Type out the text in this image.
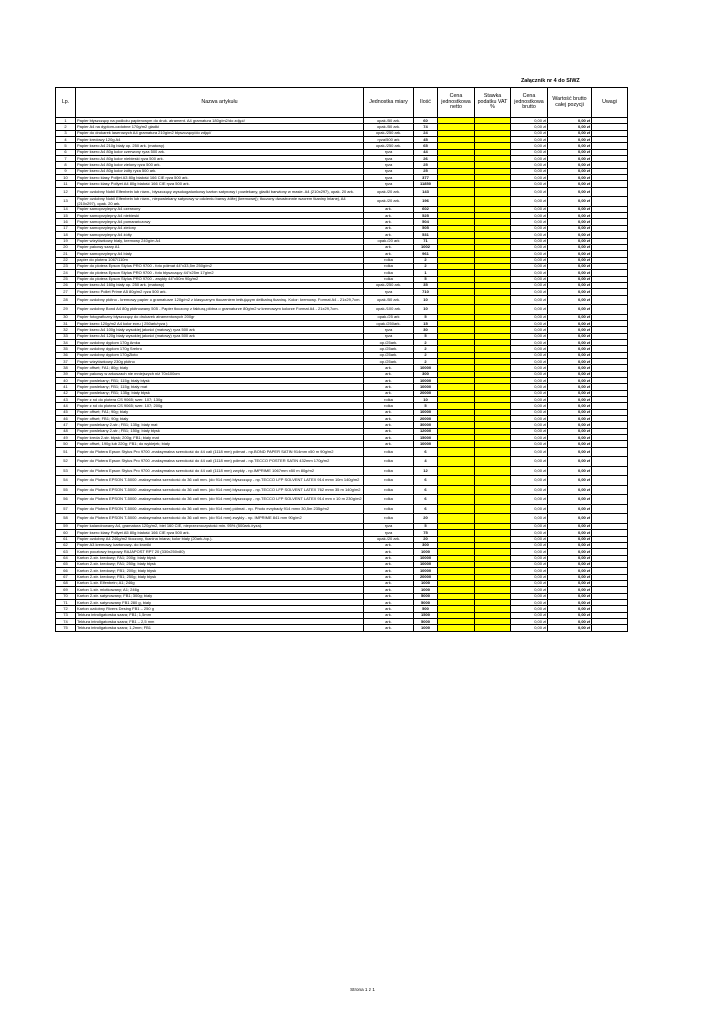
Załącznik nr 4 do SIWZ
Lp.	Nazwa artykułu	Jednostka miary	Ilość	Cena jednostkowa netto	Stawka podatku VAT %	Cena jednostkowa brutto	Wartość brutto całej pozycji	Uwagi
1	Papier błyszczący na podłożu papierowym do druk. atrament. A4 gramatura 180g/m2/do zdjęć/	opak./50 ark.	60			0,00 zł	0,00 zł	
2	Papier A4 na dyplom-ozdobne 170g/m2 gładki	opak./50 ark.	74			0,00 zł	0,00 zł	
3	Papier do drukarek laserowych A4 gramatura 210g/m2 błyszczący/do zdjęć/	opak./250 ark.	24			0,00 zł	0,00 zł	
4	Papier kredowy 120g A4	ryza/500 ark	45			0,00 zł	0,00 zł	
5	Papier ksero A4 210g biały op. 250 ark. (matowy)	opak./250 ark.	65			0,00 zł	0,00 zł	
6	Papier ksero A4 80g kolor czerwony ryza 500 ark.	ryza	44			0,00 zł	0,00 zł	
7	Papier ksero A4 80g kolor niebieski ryza 500 ark.	ryza	26			0,00 zł	0,00 zł	
8	Papier ksero A4 80g kolor zielony ryza 500 ark.	ryza	25			0,00 zł	0,00 zł	
9	Papier ksero A4 80g kolor żółty ryza 500 ark.	ryza	25			0,00 zł	0,00 zł	
10	Papier ksero klasy Polljet A3 80g białość 166 CIE ryza 500 ark.	ryza	377			0,00 zł	0,00 zł	
11	Papier ksero klasy Pollyet A4 80g białość 166 CIE ryza 500 ark.	ryza	11850			0,00 zł	0,00 zł	
12	Papier ozdobny Nobil Elfenbein lub równ., błyszczący wysokogatunkowy karton satynowy i powlekany, gładki barwiony w masie. A4 (210x297), opak. 20 ark.	opak./20 ark.	143			0,00 zł	0,00 zł	
13	Papier ozdobny Nobil Elfenbein lub równ., niepowlekany satynowy w odcieniu barwy żółtej (kremowej); tłoczony dwustronnie wzorem tkaniny lnianej, A4 (210x297), opak. 20 ark.	opak./20 ark.	196			0,00 zł	0,00 zł	
14	Papier samoprzylepny A4 czerwony	ark.	602			0,00 zł	0,00 zł	
15	Papier samoprzylepny A4 niebieski	ark.	525			0,00 zł	0,00 zł	
16	Papier samoprzylepny A4 pomarańczowy	ark.	504			0,00 zł	0,00 zł	
17	Papier samoprzylepny A4 zielony	ark.	505			0,00 zł	0,00 zł	
18	Papier samoprzylepny A4 żółty	ark.	531			0,00 zł	0,00 zł	
19	Papier wizytówkowy biały, kremowy 240g/m A4	opak./20 ark	71			0,00 zł	0,00 zł	
20	Papier pakowy szary A1	ark.	1002			0,00 zł	0,00 zł	
21	Papier samoprzylepny A4 biały	ark.	961			0,00 zł	0,00 zł	
22	papier do plotera 1067/110m	rolka	2			0,00 zł	0,00 zł	
23	Papier do plotera Epson Stylus PRO 9700 - foto półmat 44"x33,5m 250g/m2	rolka	2			0,00 zł	0,00 zł	
24	Papier do plotera Epson Stylus PRO 9700 - foto błyszczący 44"x25m 17g/m2	rolka	1			0,00 zł	0,00 zł	
25	Papier do plotera Epson Stylus PRO 9700 - zwykły 44"x50m 90g/m2	rolka	5			0,00 zł	0,00 zł	
26	Papier ksero A4 160g biały op. 250 ark. (matowy)	opak./250 ark.	35			0,00 zł	0,00 zł	
27	Papier ksero Pollet Prime A5 80g/m2 ryza 500 ark.	ryza	710			0,00 zł	0,00 zł	
28	Papier ozdobny płótno - kremowy papier o gramaturze 120g/m2 z klasycznym tłoczeniem imitującym delikatną tkaninę. Kolor: kremowy. Format A4 - 21x29,7cm.	opak./50 ark.	10			0,00 zł	0,00 zł	
29	Papier ozdobny Bond A4 80g płótnowany 505 - Papier tłoczony z fakturą płótna o gramaturze 80g/m2 w kremowym kolorze Format A4 - 21x29,7cm.	opak./100 ark.	10			0,00 zł	0,00 zł	
30	Papier fotograficzny błyszczący do drukarek atramentowych 200gr	opak./25 ark	5			0,00 zł	0,00 zł	
31	Papier ksero 120g/m2 A4 kolor ecru ( 250ark/ryza )	opak./250ark.	15			0,00 zł	0,00 zł	
32	Papier ksero A4 100g biały wysokiej jakości (matowy) ryza 500 ark	ryza	30			0,00 zł	0,00 zł	
33	Papier ksero A4 120g biały wysokiej jakości (matowy) ryza 500 ark	ryza	5			0,00 zł	0,00 zł	
34	Papier ozdobny dyplom 170g Amka	op./25ark.	2			0,00 zł	0,00 zł	
35	Papier ozdobny dyplom 170g Srebro	op./25ark.	2			0,00 zł	0,00 zł	
36	Papier ozdobny dyplom 170gZłoto	op./25ark.	2			0,00 zł	0,00 zł	
37	Papier wizytówkowy 230g płótno	op./25ark.	2			0,00 zł	0,00 zł	
38	Papier offset; FA1; 80g; biały	ark.	10000			0,00 zł	0,00 zł	
39	Papier pakowy w arkuszach nie mniejszych niż 70x100cm	ark.	300			0,00 zł	0,00 zł	
40	Papier powlekany; FB1; 115g; biały błysk	ark.	10000			0,00 zł	0,00 zł	
41	Papier powlekany; FB1; 115g; biały mat	ark.	10000			0,00 zł	0,00 zł	
42	Papier powlekany; FB1; 135g; biały błysk	ark.	20000			0,00 zł	0,00 zł	
43	Papier z rol do plotera CS 9065; szer. 107; 130g	rolka	10			0,00 zł	0,00 zł	
44	Papier z rol do plotera CS 9065; szer. 107; 200g	rolka	5			0,00 zł	0,00 zł	
45	Papier offset; FA1; 90g; biały	ark.	10000			0,00 zł	0,00 zł	
46	Papier offset; FB1; 90g; biały	ark.	20000			0,00 zł	0,00 zł	
47	Papier powlekany 2-str.; FB1; 135g; biały mat	ark.	30000			0,00 zł	0,00 zł	
48	Papier powlekany 2-str.; FB1; 150g; biały błysk	ark.	12000			0,00 zł	0,00 zł	
49	Papier kreda 2-str. błysk; 200g; FB1; biały mat	ark.	15000			0,00 zł	0,00 zł	
50	Papier offset, 190g lub 220g; FB1; do wyklejek; biały	ark.	10000			0,00 zł	0,00 zł	
51	Papier do Plotera Epson Stylus Pro 9700 -maksymalna szerokość do 44 cali (1118 mm) półmat - np.BOND PAPER SATIN 914mm x50 m 90g/m2	rolka	6			0,00 zł	0,00 zł	
52	Papier do Plotera Epson Stylus Pro 9700 -maksymalna szerokość do 44 cali (1118 mm) półmat - np.TECCO POSTER SATIN 432mm 170g/m2	rolka	4			0,00 zł	0,00 zł	
53	Papier do Plotera Epson Stylus Pro 9700 -maksymalna szerokość do 44 cali (1118 mm) zwykły - np.IMPRIME 1067mm x50 m 80g/m2	rolka	12			0,00 zł	0,00 zł	
54	Papier do Plotera EPSON T-5000 -maksymalna szerokość do 36 cali mm. (do 914 mm) błyszczący - np.TECCO LFP SOLVENT LATEX 914 mmx 10m 140g/m2	rolka	6			0,00 zł	0,00 zł	
55	Papier do Plotera EPSON T-5000 -maksymalna szerokość do 36 cali mm. (do 914 mm) błyszczący - np.TECCO LFP SOLVENT LATEX 762 mmx 35 m 140g/m2	rolka	6			0,00 zł	0,00 zł	
56	Papier do Plotera EPSON T-5000 -maksymalna szerokość do 36 cali mm. (do 914 mm) błyszczący - np.TECCO LFP SOLVENT LATEX 914 mm x 10 m 230g/m2	rolka	6			0,00 zł	0,00 zł	
57	Papier do Plotera EPSON T-5000 -maksymalna szerokość do 36 cali mm. (do 914 mm) półmat - np. Photo evrybady 914 mmx 30,5m 235g/m2	rolka	6			0,00 zł	0,00 zł	
58	Papier do Plotera EPSON T-5000 -maksymalna szerokość do 36 cali mm. (do 914 mm) zwykły - np. IMPRIME 841 mm 90g/m2	rolka	20			0,00 zł	0,00 zł	
59	Papier kalandrowany A4, gramatura 120g/m2, biel 160 CIE, nieprzezroczystość min. 95% (500ark./ryza).	ryza	5			0,00 zł	0,00 zł	
60	Papier ksero klasy Pollyet A5 80g białość 166 CIE ryza 500 ark.	ryza	75			0,00 zł	0,00 zł	
61	Papier ozdobny A4 246g/m2 tłoczony, tkanina lniana; kolor biały (20ark./op.).	opak./20 ark.	20			0,00 zł	0,00 zł	
62	Papier A3 kremowy, kartonowy- do kroniki	ark.	300			0,00 zł	0,00 zł	
63	Karton pocztowy brązowy RAJAPOST RP7 20 (330x250x80)	ark.	1000			0,00 zł	0,00 zł	
64	Karton 2-str. kredowy; FA1; 200g; biały błysk	ark.	10000			0,00 zł	0,00 zł	
65	Karton 2-str. kredowy; FA1; 250g; biały błysk	ark.	10000			0,00 zł	0,00 zł	
66	Karton 2-str. kredowy; FB1; 200g; biały błysk	ark.	10000			0,00 zł	0,00 zł	
67	Karton 2-str. kredowy; FB1; 250g; biały błysk	ark.	20000			0,00 zł	0,00 zł	
68	Karton 1-str. Elfenbein; A1; 246g	ark.	1000			0,00 zł	0,00 zł	
69	Karton 1-str. miotkowany; A1; 246g	ark.	1000			0,00 zł	0,00 zł	
70	Karton 2-str. satynowany; FB1; 300g; biały	ark.	5000			0,00 zł	0,00 zł	
71	Karton 2-str. satynowany FB1 280 g, biały	ark.	5000			0,00 zł	0,00 zł	
72	Karton ozdobny Rivers Desing FB1 – 250 g	ark.	500			0,00 zł	0,00 zł	
73	Tektura introligatorska szara; FB1; 1,5mm	ark.	1500			0,00 zł	0,00 zł	
74	Tektura introligatorska szara; FB1 – 2,5 mm	ark.	5000			0,00 zł	0,00 zł	
75	Tektura introligatorska szara; 1,2mm; FB1	ark.	1000			0,00 zł	0,00 zł	
Strona 1 z 1
